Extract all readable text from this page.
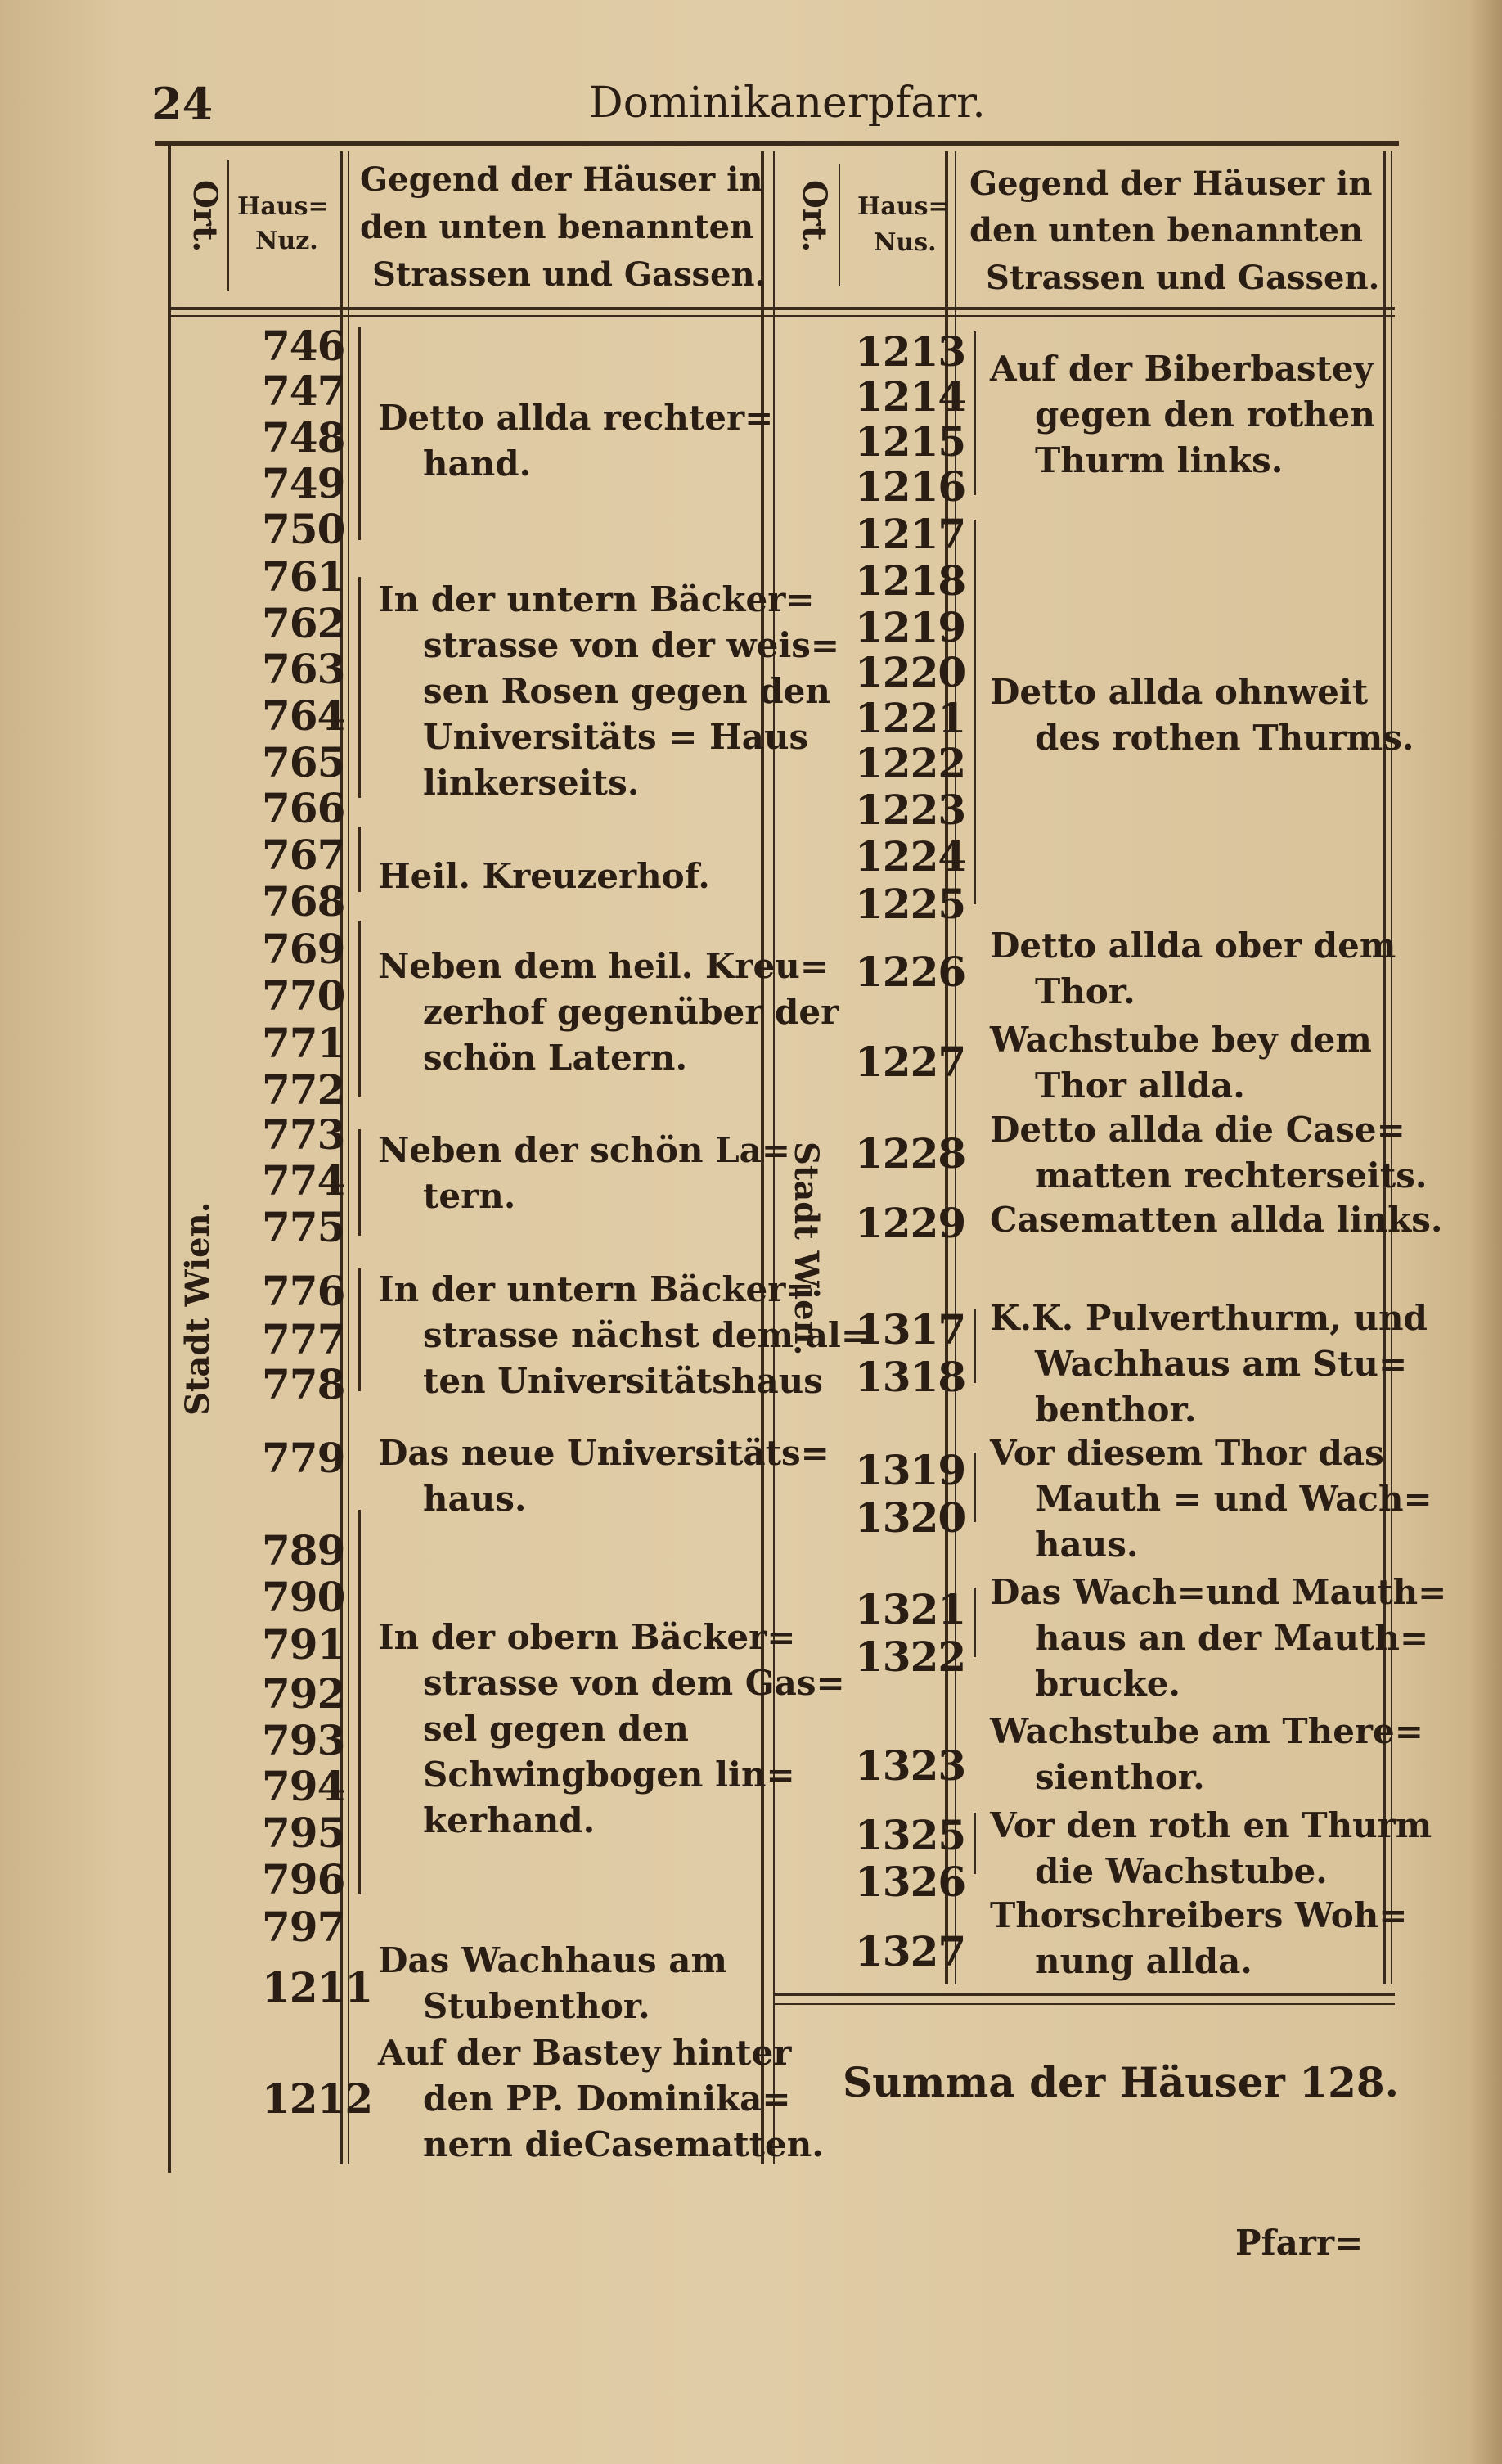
24	Dominikanerpfarr.
Ort. Haus=
Nuz.
Gegend der Häuser in
den unten benannten
Strassen und Gassen.
Ort. Haus=
Nus.
Gegend der Häuser in
den unten benannten
Strassen und Gassen.
Stadt Wien.	Stadt Wien.
746
747
748
749
750
761
762
763
764
765
766
767
768
769
770
771
772
773
774
775
776
777
778
779
789
790
791
792
793
794
795
796
797
1211
1212
Detto allda rechter=
hand.
In der untern Bäcker=
strasse von der weis=
sen Rosen gegen den
Universitäts = Haus
linkerseits.
Heil. Kreuzerhof.
Neben dem heil. Kreu=
zerhof gegenüber der
schön Latern.
Neben der schön La=
tern.
In der untern Bäcker=
strasse nächst dem al=
ten Universitätshaus
Das neue Universitäts=
haus.
In der obern Bäcker=
strasse von dem Gas=
sel gegen den
Schwingbogen lin=
kerhand.
Das Wachhaus am
Stubenthor.
Auf der Bastey hinter
den PP. Dominika=
nern dieCasematten.
1213
1214
1215
1216
1217
1218
1219
1220
1221
1222
1223
1224
1225
1226
1227
1228
1229
1317
1318
1319
1320
1321
1322
1323
1325
1326
1327
Auf der Biberbastey
gegen den rothen
Thurm links.
Detto allda ohnweit
des rothen Thurms.
Detto allda ober dem
Thor.
Wachstube bey dem
Thor allda.
Detto allda die Case=
matten rechterseits.
Casematten allda links.
K.K. Pulverthurm, und
Wachhaus am Stu=
benthor.
Vor diesem Thor das
Mauth = und Wach=
haus.
Das Wach=und Mauth=
haus an der Mauth=
brucke.
Wachstube am There=
sienthor.
Vor den roth en Thurm
die Wachstube.
Thorschreibers Woh=
nung allda.
Summa der Häuser 128.
Pfarr=
